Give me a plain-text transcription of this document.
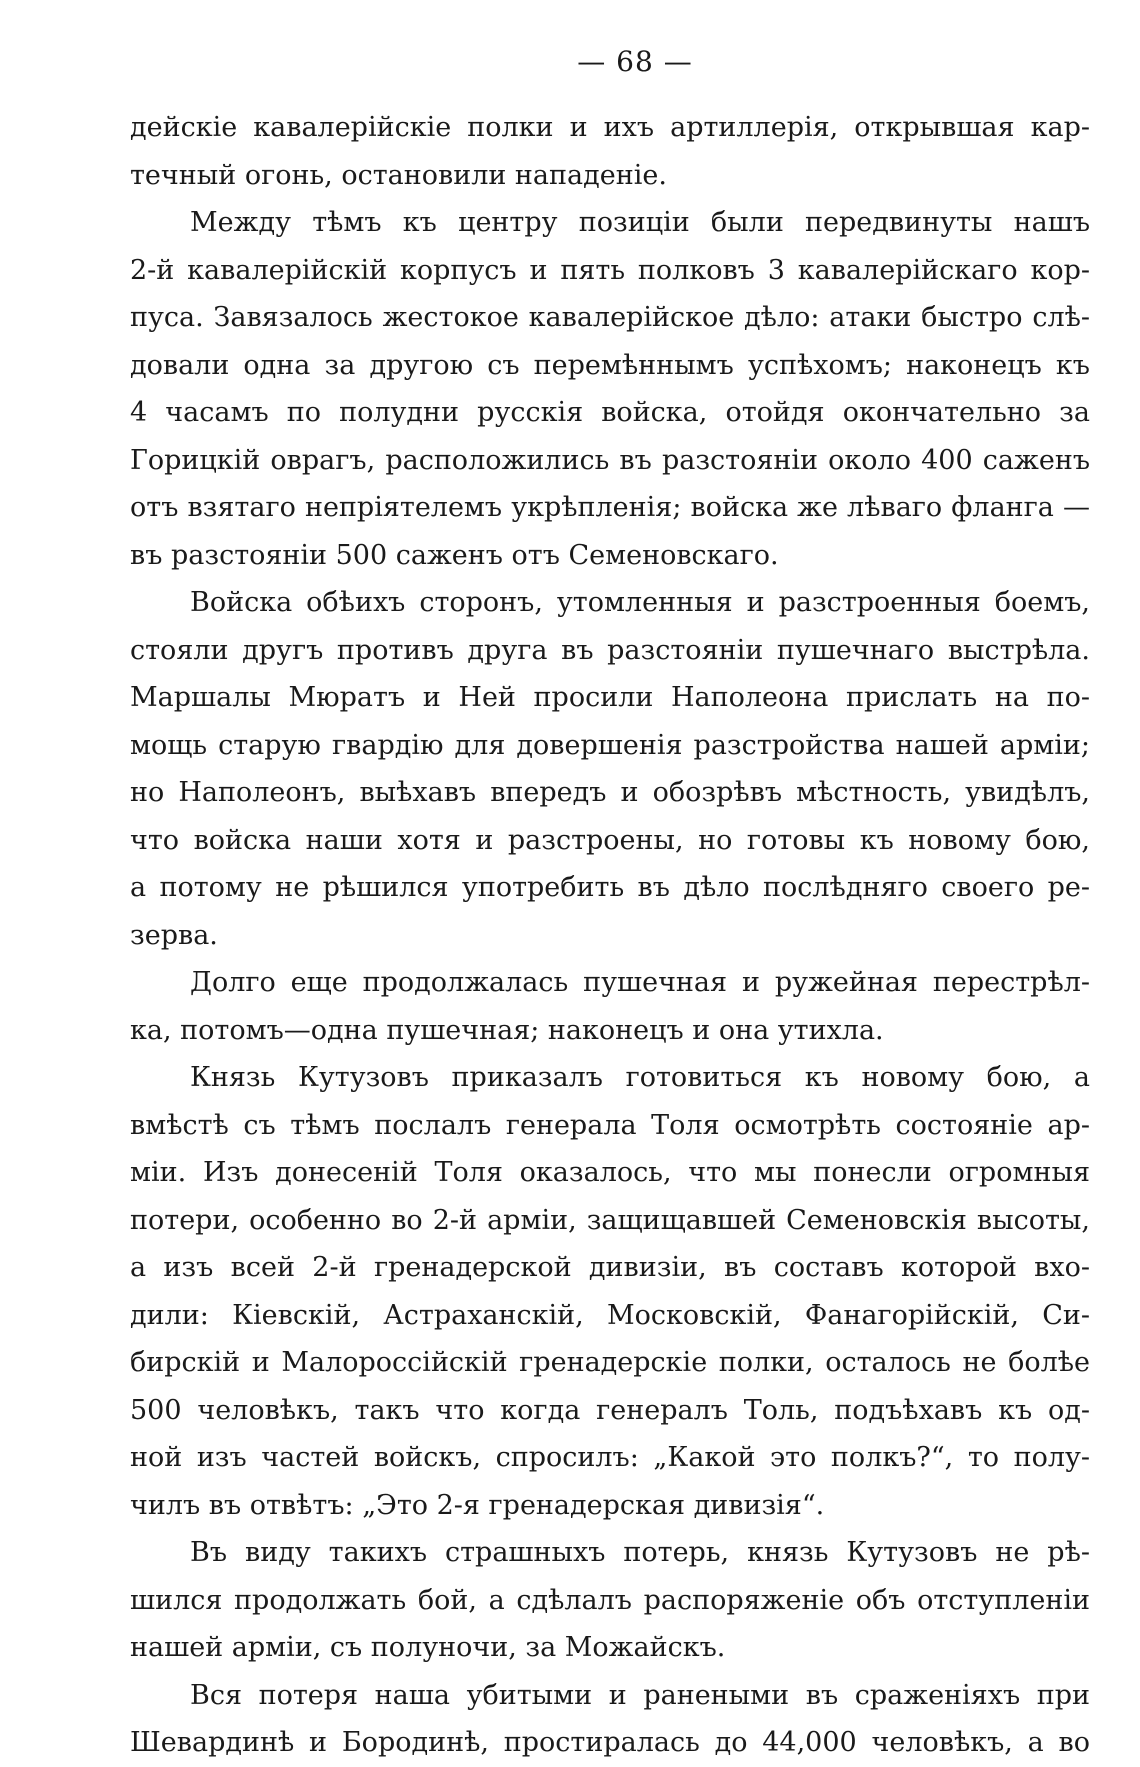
— 68 —
дейскіе кавалерійскіе полки и ихъ артиллерія, открывшая кар-
течный огонь, остановили нападеніе.
Между тѣмъ къ центру позиціи были передвинуты нашъ
2-й кавалерійскій корпусъ и пять полковъ 3 кавалерійскаго кор-
пуса. Завязалось жестокое кавалерійское дѣло: атаки быстро слѣ-
довали одна за другою съ перемѣннымъ успѣхомъ; наконецъ къ
4 часамъ по полудни русскія войска, отойдя окончательно за
Горицкій оврагъ, расположились въ разстояніи около 400 саженъ
отъ взятаго непріятелемъ укрѣпленія; войска же лѣваго фланга —
въ разстояніи 500 саженъ отъ Семеновскаго.
Войска обѣихъ сторонъ, утомленныя и разстроенныя боемъ,
стояли другъ противъ друга въ разстояніи пушечнаго выстрѣла.
Маршалы Мюратъ и Ней просили Наполеона прислать на по-
мощь старую гвардію для довершенія разстройства нашей арміи;
но Наполеонъ, выѣхавъ впередъ и обозрѣвъ мѣстность, увидѣлъ,
что войска наши хотя и разстроены, но готовы къ новому бою,
а потому не рѣшился употребить въ дѣло послѣдняго своего ре-
зерва.
Долго еще продолжалась пушечная и ружейная перестрѣл-
ка, потомъ—одна пушечная; наконецъ и она утихла.
Князь Кутузовъ приказалъ готовиться къ новому бою, а
вмѣстѣ съ тѣмъ послалъ генерала Толя осмотрѣть состояніе ар-
міи. Изъ донесеній Толя оказалось, что мы понесли огромныя
потери, особенно во 2-й арміи, защищавшей Семеновскія высоты,
а изъ всей 2-й гренадерской дивизіи, въ составъ которой вхо-
дили: Кіевскій, Астраханскій, Московскій, Фанагорійскій, Си-
бирскій и Малороссійскій гренадерскіе полки, осталось не болѣе
500 человѣкъ, такъ что когда генералъ Толь, подъѣхавъ къ од-
ной изъ частей войскъ, спросилъ: „Какой это полкъ?“, то полу-
чилъ въ отвѣтъ: „Это 2-я гренадерская дивизія“.
Въ виду такихъ страшныхъ потерь, князь Кутузовъ не рѣ-
шился продолжать бой, а сдѣлалъ распоряженіе объ отступленіи
нашей арміи, съ полуночи, за Можайскъ.
Вся потеря наша убитыми и ранеными въ сраженіяхъ при
Шевардинѣ и Бородинѣ, простиралась до 44,000 человѣкъ, а во
